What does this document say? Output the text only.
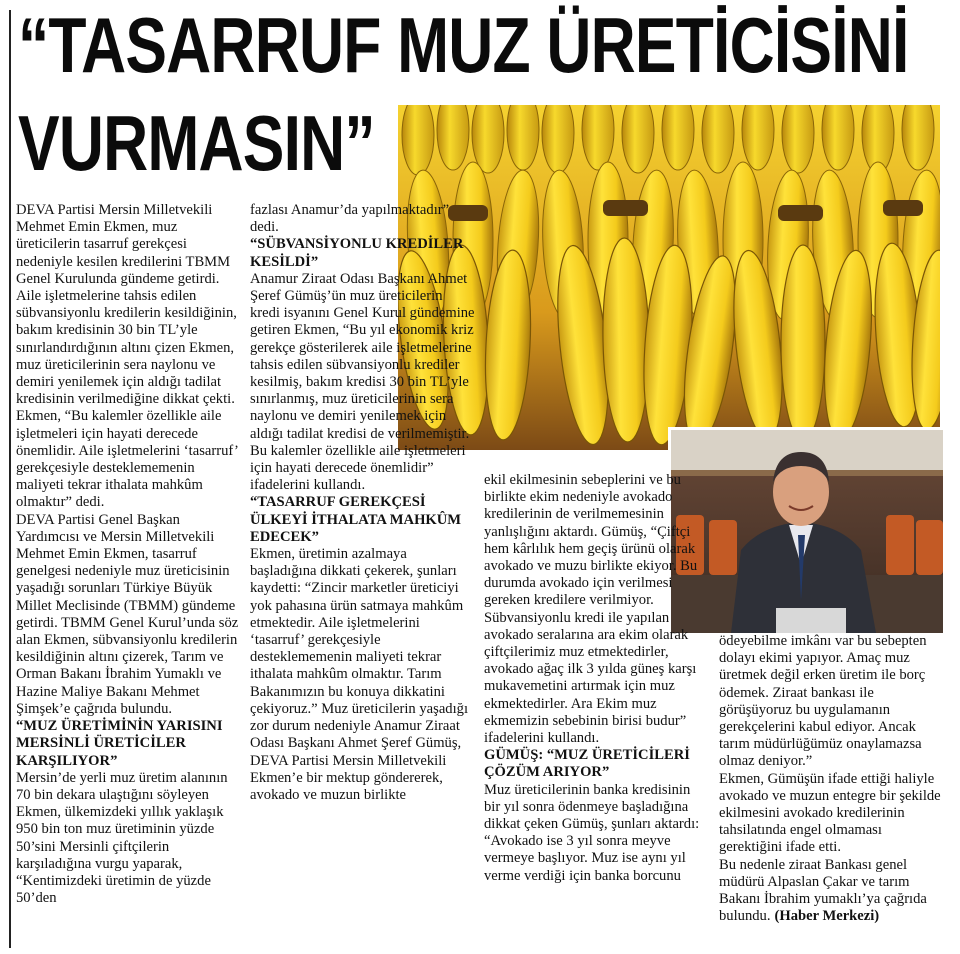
“TASARRUF MUZ ÜRETİCİSİNİ
VURMASIN”

DEVA Partisi Mersin Milletvekili Mehmet Emin Ekmen, muz üreticilerin tasarruf gerekçesi nedeniyle kesilen kredilerini TBMM Genel Kurulunda gündeme getirdi. Aile işletmelerine tahsis edilen sübvansiyonlu kredilerin kesildiğinin, bakım kredisinin 30 bin TL’yle sınırlandırdığının altını çizen Ekmen, muz üreticilerinin sera naylonu ve demiri yenilemek için aldığı tadilat kredisinin verilmediğine dikkat çekti. Ekmen, “Bu kalemler özellikle aile işletmeleri için hayati derecede önemlidir. Aile işletmelerini ‘tasarruf’ gerekçesiyle desteklememenin maliyeti tekrar ithalata mahkûm olmaktır” dedi.

DEVA Partisi Genel Başkan Yardımcısı ve Mersin Milletvekili Mehmet Emin Ekmen, tasarruf genelgesi nedeniyle muz üreticisinin yaşadığı sorunları Türkiye Büyük Millet Meclisinde (TBMM) gündeme getirdi. TBMM Genel Kurul’unda söz alan Ekmen, sübvansiyonlu kredilerin kesildiğinin altını çizerek, Tarım ve Orman Bakanı İbrahim Yumaklı ve Hazine Maliye Bakanı Mehmet Şimşek’e çağrıda bulundu.

“MUZ ÜRETİMİNİN YARISINI MERSİNLİ ÜRETİCİLER KARŞILIYOR”

Mersin’de yerli muz üretim alanının 70 bin dekara ulaştığını söyleyen Ekmen, ülkemizdeki yıllık yaklaşık 950 bin ton muz üretiminin yüzde 50’sini Mersinli çiftçilerin karşıladığına vurgu yaparak, “Kentimizdeki üretimin de yüzde 50’den

fazlası Anamur’da yapılmaktadır” dedi.

“SÜBVANSİYONLU KREDİLER KESİLDİ”

Anamur Ziraat Odası Başkanı Ahmet Şeref Gümüş’ün muz üreticilerin kredi isyanını Genel Kurul gündemine getiren Ekmen, “Bu yıl ekonomik kriz gerekçe gösterilerek aile işletmelerine tahsis edilen sübvansiyonlu krediler kesilmiş, bakım kredisi 30 bin TL’yle sınırlanmış, muz üreticilerinin sera naylonu ve demiri yenilemek için aldığı tadilat kredisi de verilmemiştir. Bu kalemler özellikle aile işletmeleri için hayati derecede önemlidir” ifadelerini kullandı.

“TASARRUF GEREKÇESİ ÜLKEYİ İTHALATA MAHKÛM EDECEK”

Ekmen, üretimin azalmaya başladığına dikkati çekerek, şunları kaydetti: “Zincir marketler üreticiyi yok pahasına ürün satmaya mahkûm etmektedir. Aile işletmelerini ‘tasarruf’ gerekçesiyle desteklememenin maliyeti tekrar ithalata mahkûm olmaktır. Tarım Bakanımızın bu konuya dikkatini çekiyoruz.” Muz üreticilerin yaşadığı zor durum nedeniyle Anamur Ziraat Odası Başkanı Ahmet Şeref Gümüş, DEVA Partisi Mersin Milletvekili Ekmen’e bir mektup göndererek, avokado ve muzun birlikte

ekil ekilmesinin sebeplerini ve bu birlikte ekim nedeniyle avokado kredilerinin de verilmemesinin yanlışlığını aktardı. Gümüş, “Çiftçi hem kârlılık hem geçiş ürünü olarak avokado ve muzu birlikte ekiyor. Bu durumda avokado için verilmesi gereken kredilere verilmiyor. Sübvansiyonlu kredi ile yapılan avokado seralarına ara ekim olarak çiftçilerimiz muz etmektedirler, avokado ağaç ilk 3 yılda güneş karşı mukavemetini artırmak için muz ekmektedirler. Ara Ekim muz ekmemizin sebebinin birisi budur” ifadelerini kullandı.

GÜMÜŞ: “MUZ ÜRETİCİLERİ ÇÖZÜM ARIYOR”

Muz üreticilerinin banka kredisinin bir yıl sonra ödenmeye başladığına dikkat çeken Gümüş, şunları aktardı: “Avokado ise 3 yıl sonra meyve vermeye başlıyor. Muz ise aynı yıl verme verdiği için banka borcunu

ödeyebilme imkânı var bu sebepten dolayı ekimi yapıyor. Amaç muz üretmek değil erken üretim ile borç ödemek. Ziraat bankası ile görüşüyoruz bu uygulamanın gerekçelerini kabul ediyor. Ancak tarım müdürlüğümüz onaylamazsa olmaz deniyor.”

Ekmen, Gümüşün ifade ettiği haliyle avokado ve muzun entegre bir şekilde ekilmesini avokado kredilerinin tahsilatında engel olmaması gerektiğini ifade etti.

Bu nedenle ziraat Bankası genel müdürü Alpaslan Çakar ve tarım Bakanı İbrahim yumaklı’ya çağrıda bulundu. (Haber Merkezi)
